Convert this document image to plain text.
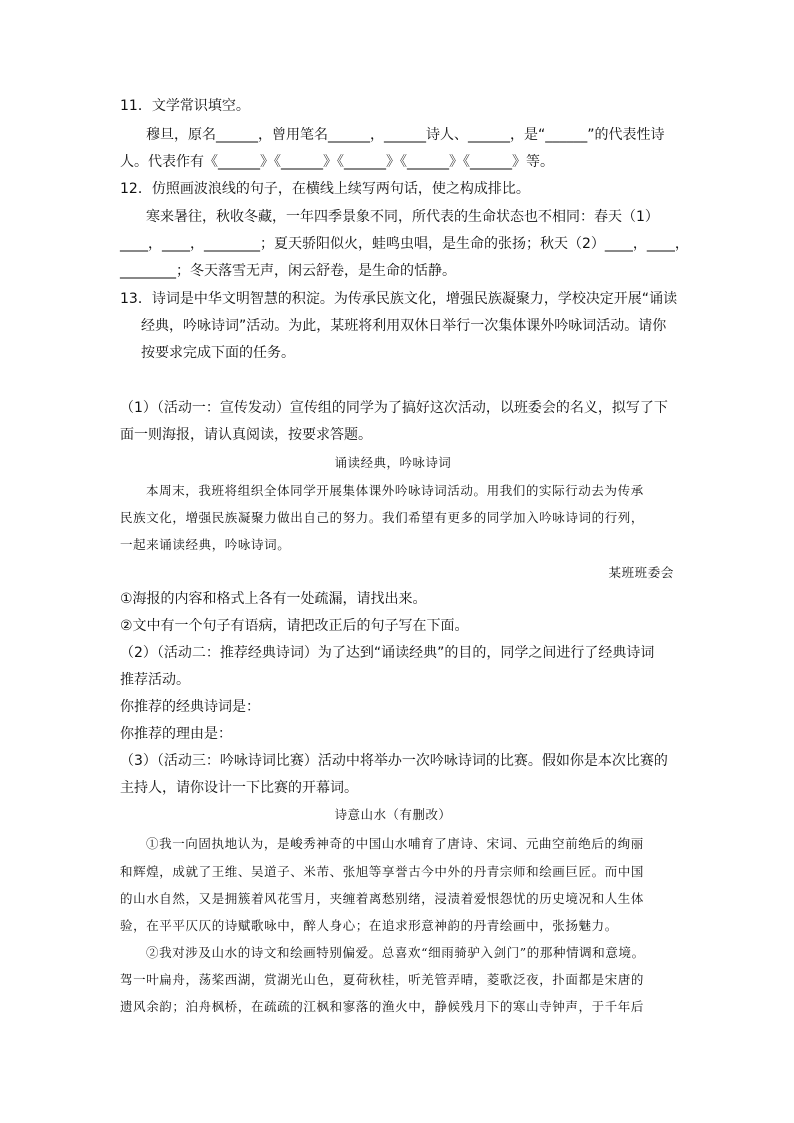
11．文学常识填空。
穆旦，原名______，曾用笔名______，______诗人、______，是“______”的代表性诗
人。代表作有《______》《______》《______》《______》《______》等。
12．仿照画波浪线的句子，在横线上续写两句话，使之构成排比。
寒来暑往，秋收冬藏，一年四季景象不同，所代表的生命状态也不相同：春天（1）
____，____，________；夏天骄阳似火，蛙鸣虫唱，是生命的张扬；秋天（2）____，____，
________；冬天落雪无声，闲云舒卷，是生命的恬静。
13．诗词是中华文明智慧的积淀。为传承民族文化，增强民族凝聚力，学校决定开展“诵读
经典，吟咏诗词”活动。为此，某班将利用双休日举行一次集体课外吟咏词活动。请你
按要求完成下面的任务。
（1）（活动一：宣传发动）宣传组的同学为了搞好这次活动，以班委会的名义，拟写了下
面一则海报，请认真阅读，按要求答题。
诵读经典，吟咏诗词
本周末，我班将组织全体同学开展集体课外吟咏诗词活动。用我们的实际行动去为传承
民族文化，增强民族凝聚力做出自己的努力。我们希望有更多的同学加入吟咏诗词的行列，
一起来诵读经典，吟咏诗词。
某班班委会
①海报的内容和格式上各有一处疏漏，请找出来。
②文中有一个句子有语病，请把改正后的句子写在下面。
（2）（活动二：推荐经典诗词）为了达到“诵读经典”的目的，同学之间进行了经典诗词
推荐活动。
你推荐的经典诗词是：
你推荐的理由是：
（3）（活动三：吟咏诗词比赛）活动中将举办一次吟咏诗词的比赛。假如你是本次比赛的
主持人，请你设计一下比赛的开幕词。
诗意山水（有删改）
①我一向固执地认为，是峻秀神奇的中国山水哺育了唐诗、宋词、元曲空前绝后的绚丽
和辉煌，成就了王维、吴道子、米芾、张旭等享誉古今中外的丹青宗师和绘画巨匠。而中国
的山水自然，又是拥簇着风花雪月，夹缠着离愁别绪，浸渍着爱恨怨忧的历史境况和人生体
验，在平平仄仄的诗赋歌咏中，醉人身心；在追求形意神韵的丹青绘画中，张扬魅力。
②我对涉及山水的诗文和绘画特别偏爱。总喜欢“细雨骑驴入剑门”的那种情调和意境。
驾一叶扁舟，荡桨西湖，赏湖光山色，夏荷秋桂，听羌管弄晴，菱歌泛夜，扑面都是宋唐的
遗风余韵；泊舟枫桥，在疏疏的江枫和寥落的渔火中，静候残月下的寒山寺钟声，于千年后
